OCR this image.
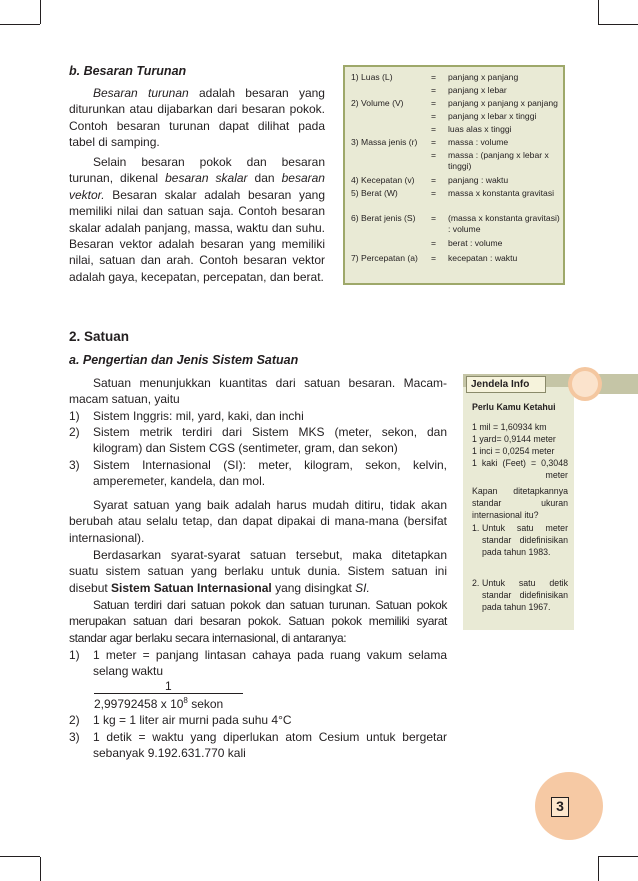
b. Besaran Turunan
Besaran turunan adalah besaran yang diturunkan atau dijabarkan dari besaran pokok. Contoh besaran turunan dapat dilihat pada tabel di samping.
Selain besaran pokok dan besaran turunan, dikenal besaran skalar dan besaran vektor. Besaran skalar adalah besaran yang memiliki nilai dan satuan saja. Contoh besaran skalar adalah panjang, massa, waktu dan suhu. Besaran vektor adalah besaran yang memiliki nilai, satuan dan arah. Contoh besaran vektor adalah gaya, kecepatan, percepatan, dan berat.
1) Luas (L)	= panjang x panjang
= panjang x lebar
2) Volume (V)	= panjang x panjang x panjang
= panjang x lebar x tinggi
= luas alas x tinggi
3) Massa jenis (r) = massa : volume
= massa : (panjang x lebar x tinggi)
4) Kecepatan (v) = panjang : waktu
5) Berat (W)	= massa x konstanta gravitasi
6) Berat jenis (S) = (massa x konstanta gravitasi) : volume
= berat : volume
7) Percepatan (a) = kecepatan : waktu
2. Satuan
a. Pengertian dan Jenis Sistem Satuan
Satuan menunjukkan kuantitas dari satuan besaran. Macam-macam satuan, yaitu
1) Sistem Inggris: mil, yard, kaki, dan inchi
2) Sistem metrik terdiri dari Sistem MKS (meter, sekon, dan kilogram) dan Sistem CGS (sentimeter, gram, dan sekon)
3) Sistem Internasional (SI): meter, kilogram, sekon, kelvin, amperemeter, kandela, dan mol.
Syarat satuan yang baik adalah harus mudah ditiru, tidak akan berubah atau selalu tetap, dan dapat dipakai di mana-mana (bersifat internasional).
Berdasarkan syarat-syarat satuan tersebut, maka ditetapkan suatu sistem satuan yang berlaku untuk dunia. Sistem satuan ini disebut Sistem Satuan Internasional yang disingkat SI.
Satuan terdiri dari satuan pokok dan satuan turunan. Satuan pokok merupakan satuan dari besaran pokok. Satuan pokok memiliki syarat standar agar berlaku secara internasional, di antaranya:
1) 1 meter = panjang lintasan cahaya pada ruang vakum selama selang waktu
1
2,99792458 x $10^8$ sekon
2) 1 kg = 1 liter air murni pada suhu 4°C
3) 1 detik = waktu yang diperlukan atom Cesium untuk bergetar sebanyak 9.192.631.770 kali
Jendela Info
Perlu Kamu Ketahui
1 mil = 1,60934 km
1 yard= 0,9144 meter
1 inci = 0,0254 meter
1 kaki (Feet) = 0,3048 meter
Kapan ditetapkannya standar ukuran internasional itu?
1. Untuk satu meter standar didefinisikan pada tahun 1983.
2. Untuk satu detik standar didefinisikan pada tahun 1967.
3
